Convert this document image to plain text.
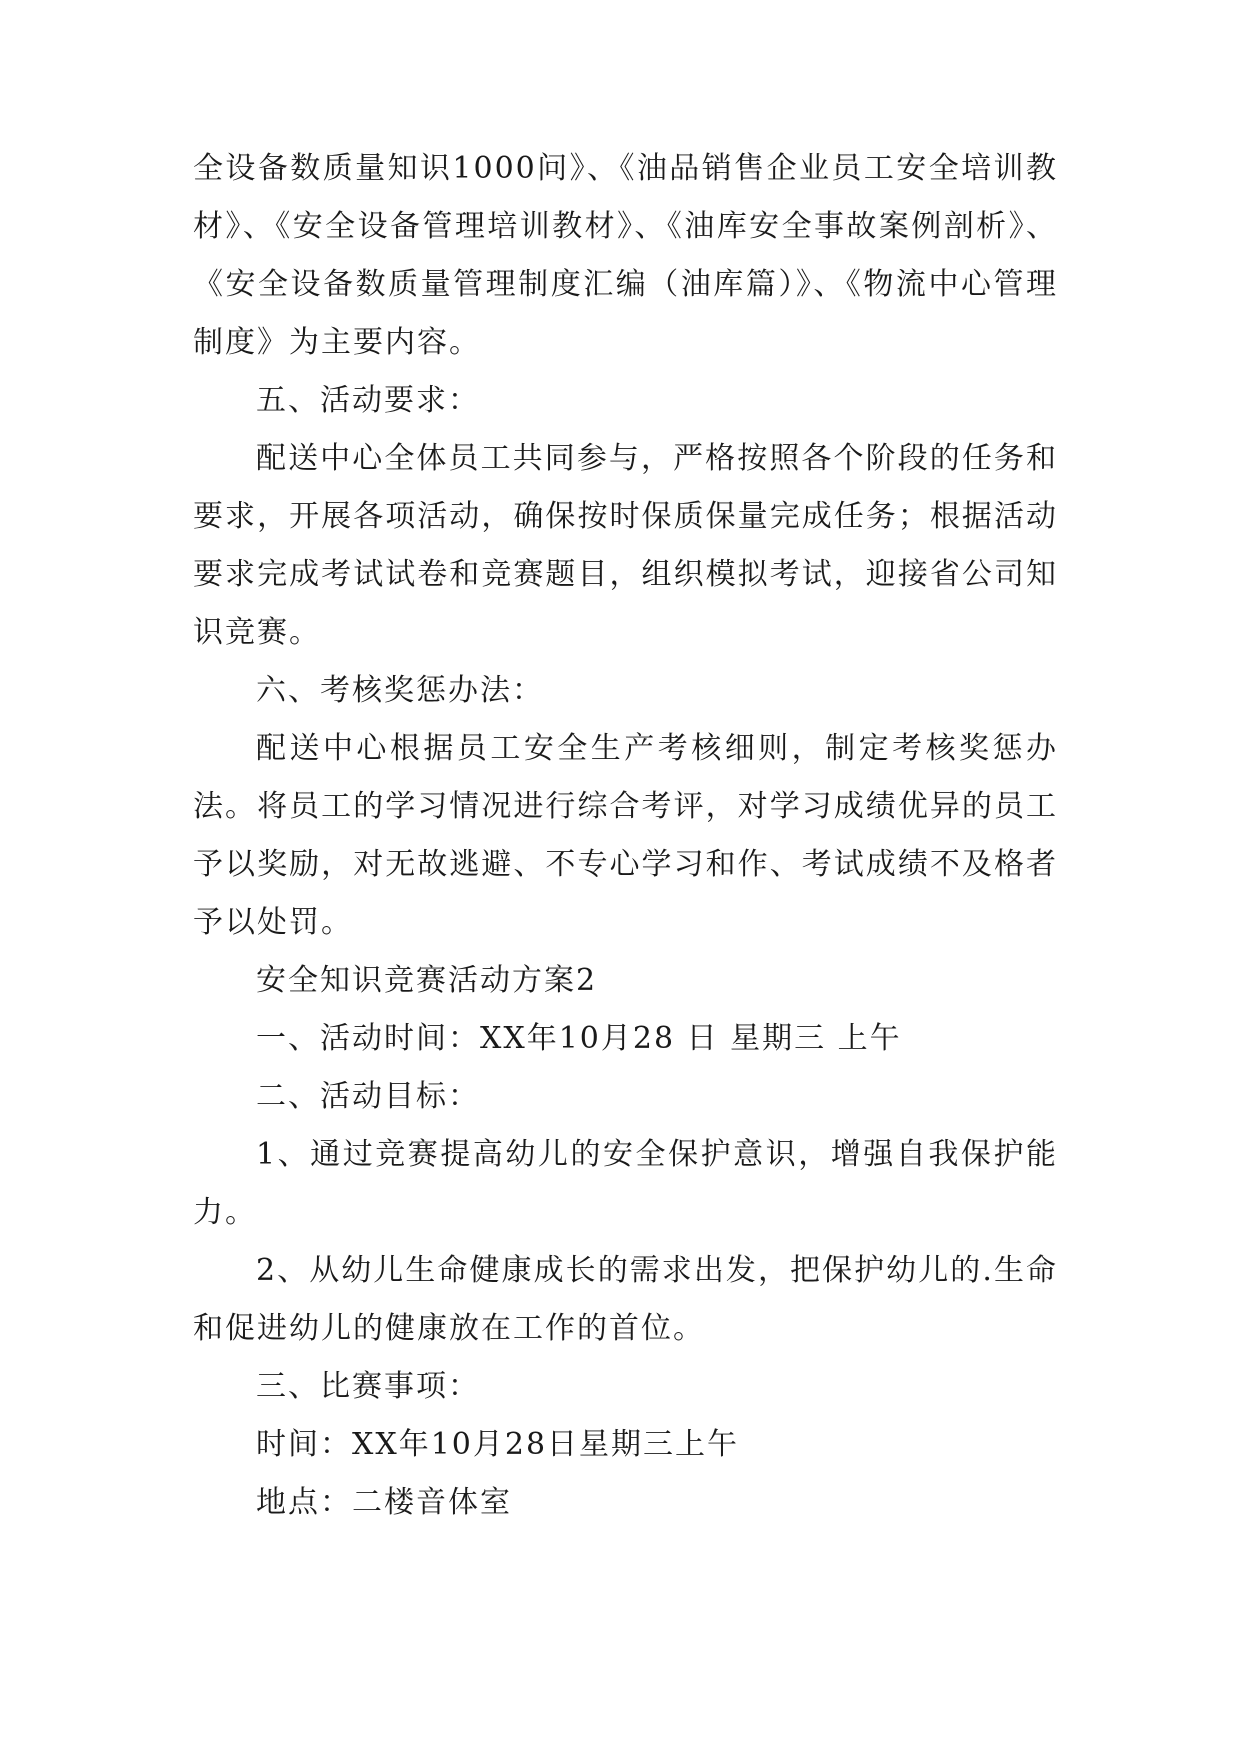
全设备数质量知识1000问》、《油品销售企业员工安全培训教材》、《安全设备管理培训教材》、《油库安全事故案例剖析》、《安全设备数质量管理制度汇编（油库篇）》、《物流中心管理制度》为主要内容。

五、活动要求：

配送中心全体员工共同参与，严格按照各个阶段的任务和要求，开展各项活动，确保按时保质保量完成任务；根据活动要求完成考试试卷和竞赛题目，组织模拟考试，迎接省公司知识竞赛。

六、考核奖惩办法：

配送中心根据员工安全生产考核细则，制定考核奖惩办法。将员工的学习情况进行综合考评，对学习成绩优异的员工予以奖励，对无故逃避、不专心学习和作、考试成绩不及格者予以处罚。

安全知识竞赛活动方案2

一、活动时间：XX年10月28 日 星期三 上午

二、活动目标：

1、通过竞赛提高幼儿的安全保护意识，增强自我保护能力。

2、从幼儿生命健康成长的需求出发，把保护幼儿的.生命和促进幼儿的健康放在工作的首位。

三、比赛事项：

时间：XX年10月28日星期三上午

地点：二楼音体室
